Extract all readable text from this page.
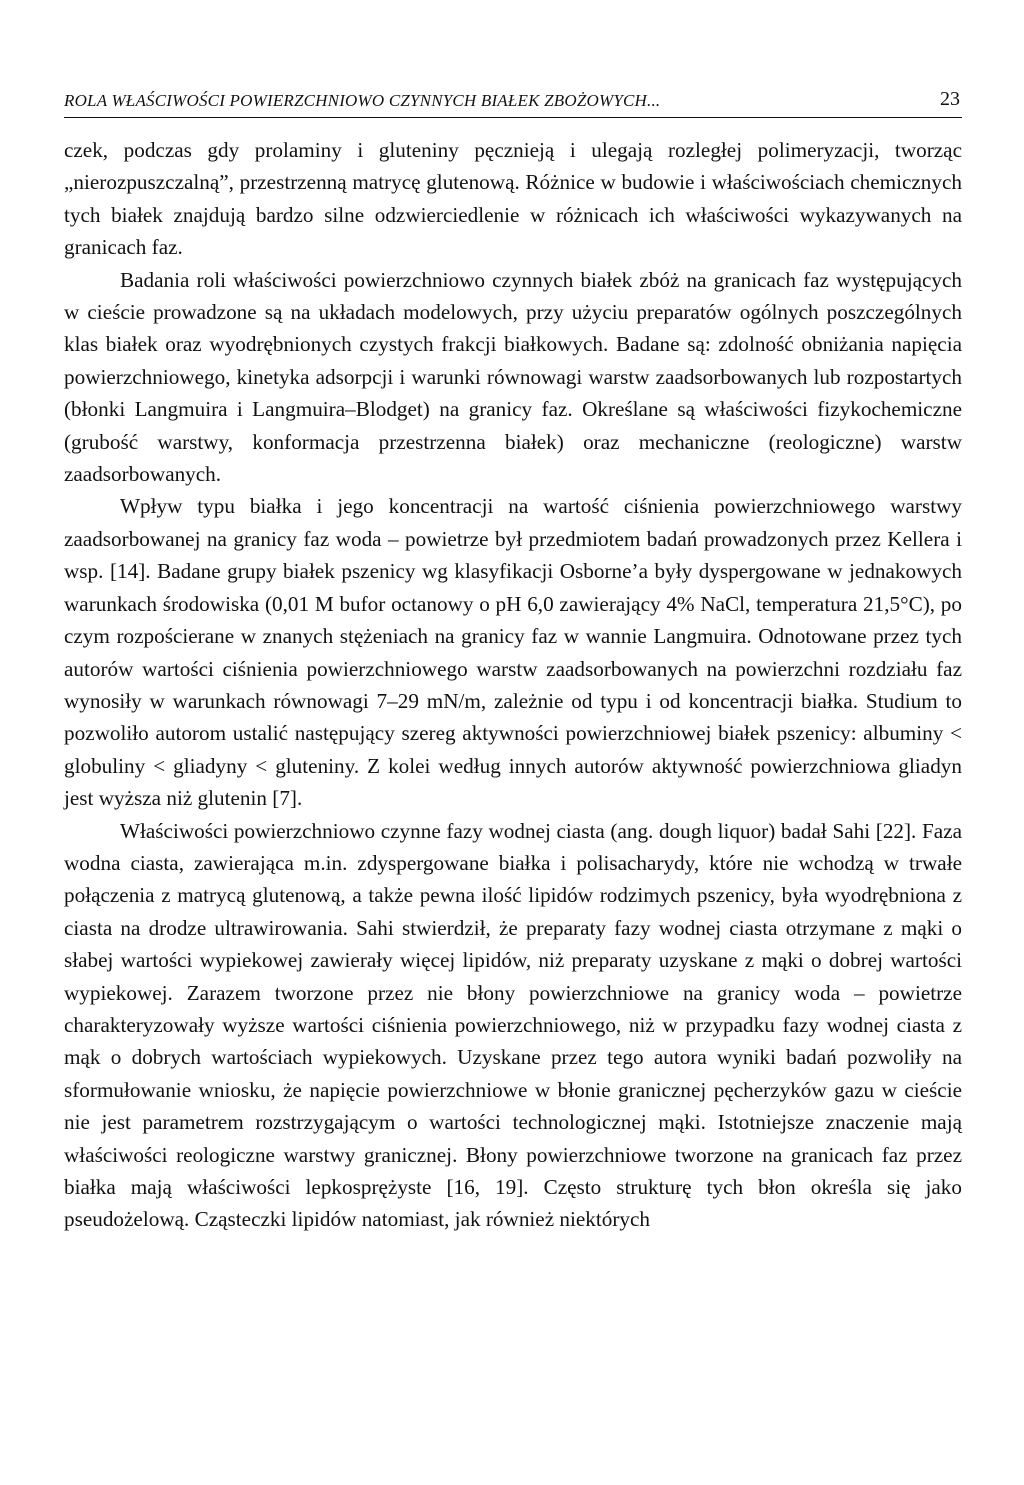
ROLA WŁAŚCIWOŚCI POWIERZCHNIOWO CZYNNYCH BIAŁEK ZBOŻOWYCH...	23

czek, podczas gdy prolaminy i gluteniny pęcznieją i ulegają rozległej polimeryzacji, tworząc „nierozpuszczalną”, przestrzenną matrycę glutenową. Różnice w budowie i właściwościach chemicznych tych białek znajdują bardzo silne odzwierciedlenie w różnicach ich właściwości wykazywanych na granicach faz.

Badania roli właściwości powierzchniowo czynnych białek zbóż na granicach faz występujących w cieście prowadzone są na układach modelowych, przy użyciu preparatów ogólnych poszczególnych klas białek oraz wyodrębnionych czystych frakcji białkowych. Badane są: zdolność obniżania napięcia powierzchniowego, kinetyka adsorpcji i warunki równowagi warstw zaadsorbowanych lub rozpostartych (błonki Langmuira i Langmuira–Blodget) na granicy faz. Określane są właściwości fizykochemiczne (grubość warstwy, konformacja przestrzenna białek) oraz mechaniczne (reologiczne) warstw zaadsorbowanych.

Wpływ typu białka i jego koncentracji na wartość ciśnienia powierzchniowego warstwy zaadsorbowanej na granicy faz woda – powietrze był przedmiotem badań prowadzonych przez Kellera i wsp. [14]. Badane grupy białek pszenicy wg klasyfikacji Osborne’a były dyspergowane w jednakowych warunkach środowiska (0,01 M bufor octanowy o pH 6,0 zawierający 4% NaCl, temperatura 21,5°C), po czym rozpościerane w znanych stężeniach na granicy faz w wannie Langmuira. Odnotowane przez tych autorów wartości ciśnienia powierzchniowego warstw zaadsorbowanych na powierzchni rozdziału faz wynosiły w warunkach równowagi 7–29 mN/m, zależnie od typu i od koncentracji białka. Studium to pozwoliło autorom ustalić następujący szereg aktywności powierzchniowej białek pszenicy: albuminy < globuliny < gliadyny < gluteniny. Z kolei według innych autorów aktywność powierzchniowa gliadyn jest wyższa niż glutenin [7].

Właściwości powierzchniowo czynne fazy wodnej ciasta (ang. dough liquor) badał Sahi [22]. Faza wodna ciasta, zawierająca m.in. zdyspergowane białka i polisacharydy, które nie wchodzą w trwałe połączenia z matrycą glutenową, a także pewna ilość lipidów rodzimych pszenicy, była wyodrębniona z ciasta na drodze ultrawirowania. Sahi stwierdził, że preparaty fazy wodnej ciasta otrzymane z mąki o słabej wartości wypiekowej zawierały więcej lipidów, niż preparaty uzyskane z mąki o dobrej wartości wypiekowej. Zarazem tworzone przez nie błony powierzchniowe na granicy woda – powietrze charakteryzowały wyższe wartości ciśnienia powierzchniowego, niż w przypadku fazy wodnej ciasta z mąk o dobrych wartościach wypiekowych. Uzyskane przez tego autora wyniki badań pozwoliły na sformułowanie wniosku, że napięcie powierzchniowe w błonie granicznej pęcherzyków gazu w cieście nie jest parametrem rozstrzygającym o wartości technologicznej mąki. Istotniejsze znaczenie mają właściwości reologiczne warstwy granicznej. Błony powierzchniowe tworzone na granicach faz przez białka mają właściwości lepkosprężyste [16, 19]. Często strukturę tych błon określa się jako pseudożelową. Cząsteczki lipidów natomiast, jak również niektórych
